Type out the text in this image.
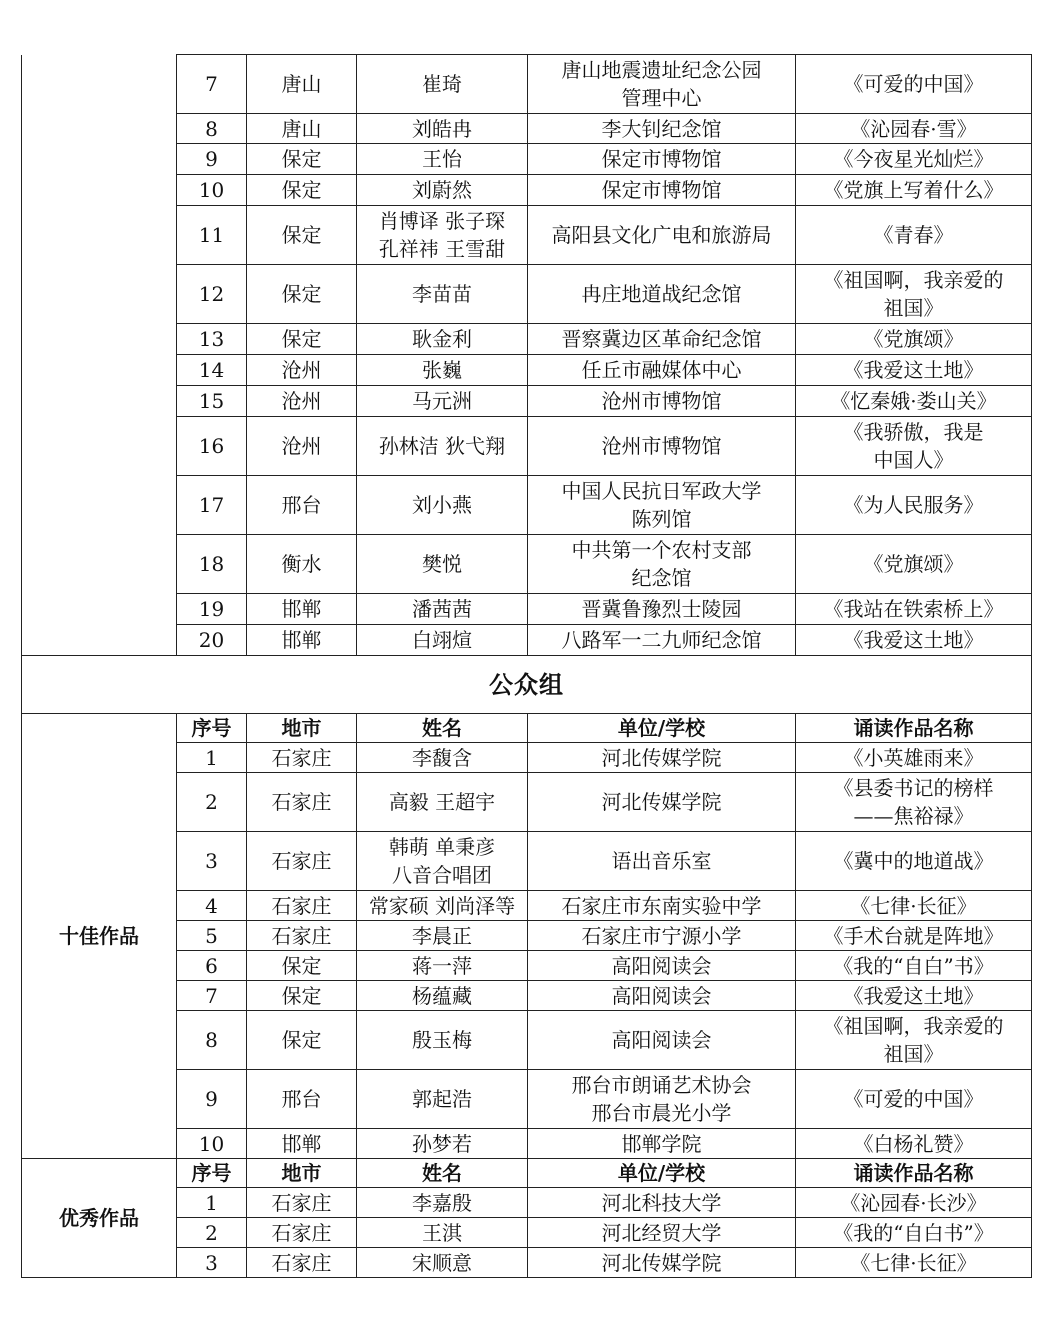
	7	唐山	崔琦	唐山地震遗址纪念公园
管理中心	《可爱的中国》
	8	唐山	刘皓冉	李大钊纪念馆	《沁园春·雪》
	9	保定	王怡	保定市博物馆	《今夜星光灿烂》
	10	保定	刘蔚然	保定市博物馆	《党旗上写着什么》
	11	保定	肖博译 张子琛
孔祥祎 王雪甜	高阳县文化广电和旅游局	《青春》
	12	保定	李苗苗	冉庄地道战纪念馆	《祖国啊，我亲爱的
祖国》
	13	保定	耿金利	晋察冀边区革命纪念馆	《党旗颂》
	14	沧州	张巍	任丘市融媒体中心	《我爱这土地》
	15	沧州	马元洲	沧州市博物馆	《忆秦娥·娄山关》
	16	沧州	孙林洁 狄弋翔	沧州市博物馆	《我骄傲，我是
中国人》
	17	邢台	刘小燕	中国人民抗日军政大学
陈列馆	《为人民服务》
	18	衡水	樊悦	中共第一个农村支部
纪念馆	《党旗颂》
	19	邯郸	潘茜茜	晋冀鲁豫烈士陵园	《我站在铁索桥上》
	20	邯郸	白翊煊	八路军一二九师纪念馆	《我爱这土地》
公众组					
十佳作品	序号	地市	姓名	单位/学校	诵读作品名称
	1	石家庄	李馥含	河北传媒学院	《小英雄雨来》
	2	石家庄	高毅 王超宇	河北传媒学院	《县委书记的榜样
——焦裕禄》
	3	石家庄	韩萌 单秉彦
八音合唱团	语出音乐室	《冀中的地道战》
	4	石家庄	常家硕 刘尚泽等	石家庄市东南实验中学	《七律·长征》
	5	石家庄	李晨正	石家庄市宁源小学	《手术台就是阵地》
	6	保定	蒋一萍	高阳阅读会	《我的“自白”书》
	7	保定	杨蕴藏	高阳阅读会	《我爱这土地》
	8	保定	殷玉梅	高阳阅读会	《祖国啊，我亲爱的
祖国》
	9	邢台	郭起浩	邢台市朗诵艺术协会
邢台市晨光小学	《可爱的中国》
	10	邯郸	孙梦若	邯郸学院	《白杨礼赞》
优秀作品	序号	地市	姓名	单位/学校	诵读作品名称
	1	石家庄	李嘉殷	河北科技大学	《沁园春·长沙》
	2	石家庄	王淇	河北经贸大学	《我的“自白书”》
	3	石家庄	宋顺意	河北传媒学院	《七律·长征》
